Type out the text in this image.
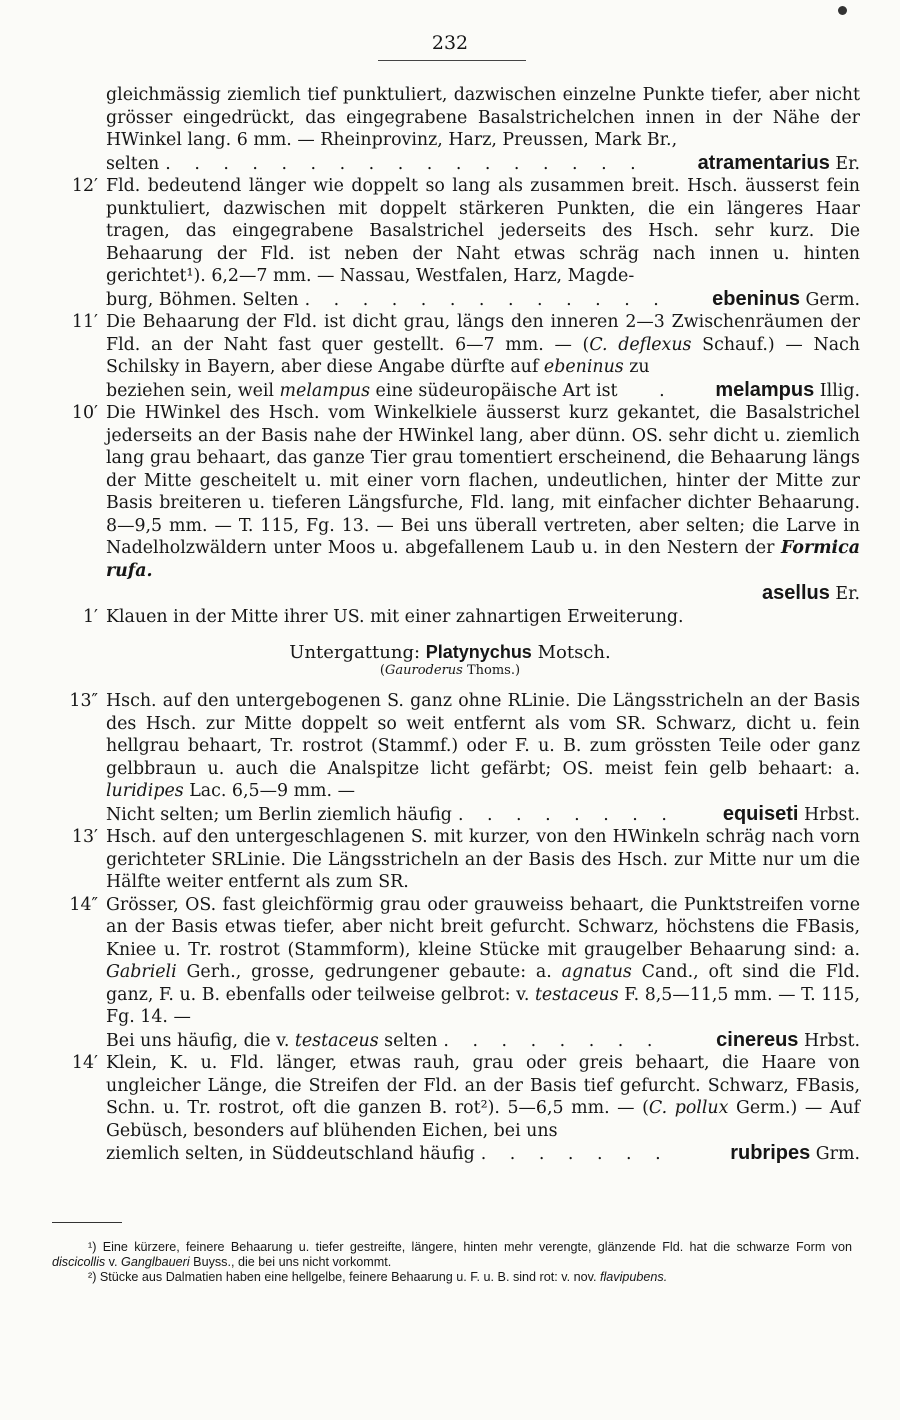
232
gleichmässig ziemlich tief punktuliert, dazwischen einzelne Punkte tiefer, aber nicht grösser eingedrückt, das eingegrabene Basalstrichelchen innen in der Nähe der HWinkel lang. 6 mm. — Rheinprovinz, Harz, Preussen, Mark Br.,
selten . . . . . . . . . . . . . . . . .	atramentarius Er.
12′ Fld. bedeutend länger wie doppelt so lang als zusammen breit. Hsch. äusserst fein punktuliert, dazwischen mit doppelt stärkeren Punkten, die ein längeres Haar tragen, das eingegrabene Basalstrichel jederseits des Hsch. sehr kurz. Die Behaarung der Fld. ist neben der Naht etwas schräg nach innen u. hinten gerichtet¹). 6,2—7 mm. — Nassau, Westfalen, Harz, Magde-
burg, Böhmen. Selten . . . . . . . . . . . . .	ebeninus Germ.
11′ Die Behaarung der Fld. ist dicht grau, längs den inneren 2—3 Zwischenräumen der Fld. an der Naht fast quer gestellt. 6—7 mm. — (C. deflexus Schauf.) — Nach Schilsky in Bayern, aber diese Angabe dürfte auf ebeninus zu
beziehen sein, weil melampus eine südeuropäische Art ist	.	melampus Illig.
10′ Die HWinkel des Hsch. vom Winkelkiele äusserst kurz gekantet, die Basalstrichel jederseits an der Basis nahe der HWinkel lang, aber dünn. OS. sehr dicht u. ziemlich lang grau behaart, das ganze Tier grau tomentiert erscheinend, die Behaarung längs der Mitte gescheitelt u. mit einer vorn flachen, undeutlichen, hinter der Mitte zur Basis breiteren u. tieferen Längsfurche, Fld. lang, mit einfacher dichter Behaarung. 8—9,5 mm. — T. 115, Fg. 13. — Bei uns überall vertreten, aber selten; die Larve in Nadelholzwäldern unter Moos u. abgefallenem Laub u. in den Nestern der Formica rufa.
asellus Er.
1′ Klauen in der Mitte ihrer US. mit einer zahnartigen Erweiterung.
Untergattung: Platynychus Motsch.
(Gauroderus Thoms.)
13″ Hsch. auf den untergebogenen S. ganz ohne RLinie. Die Längsstricheln an der Basis des Hsch. zur Mitte doppelt so weit entfernt als vom SR. Schwarz, dicht u. fein hellgrau behaart, Tr. rostrot (Stammf.) oder F. u. B. zum grössten Teile oder ganz gelbbraun u. auch die Analspitze licht gefärbt; OS. meist fein gelb behaart: a. luridipes Lac. 6,5—9 mm. —
Nicht selten; um Berlin ziemlich häufig . . . . . . . .	equiseti Hrbst.
13′ Hsch. auf den untergeschlagenen S. mit kurzer, von den HWinkeln schräg nach vorn gerichteter SRLinie. Die Längsstricheln an der Basis des Hsch. zur Mitte nur um die Hälfte weiter entfernt als zum SR.
14″ Grösser, OS. fast gleichförmig grau oder grauweiss behaart, die Punktstreifen vorne an der Basis etwas tiefer, aber nicht breit gefurcht. Schwarz, höchstens die FBasis, Kniee u. Tr. rostrot (Stammform), kleine Stücke mit graugelber Behaarung sind: a. Gabrieli Gerh., grosse, gedrungener gebaute: a. agnatus Cand., oft sind die Fld. ganz, F. u. B. ebenfalls oder teilweise gelbrot: v. testaceus F. 8,5—11,5 mm. — T. 115, Fg. 14. —
Bei uns häufig, die v. testaceus selten . . . . . . . .	cinereus Hrbst.
14′ Klein, K. u. Fld. länger, etwas rauh, grau oder greis behaart, die Haare von ungleicher Länge, die Streifen der Fld. an der Basis tief gefurcht. Schwarz, FBasis, Schn. u. Tr. rostrot, oft die ganzen B. rot²). 5—6,5 mm. — (C. pollux Germ.) — Auf Gebüsch, besonders auf blühenden Eichen, bei uns
ziemlich selten, in Süddeutschland häufig . . . . . . .	rubripes Grm.

¹) Eine kürzere, feinere Behaarung u. tiefer gestreifte, längere, hinten mehr verengte, glänzende Fld. hat die schwarze Form von discicollis v. Ganglbaueri Buyss., die bei uns nicht vorkommt.

²) Stücke aus Dalmatien haben eine hellgelbe, feinere Behaarung u. F. u. B. sind rot: v. nov. flavipubens.
